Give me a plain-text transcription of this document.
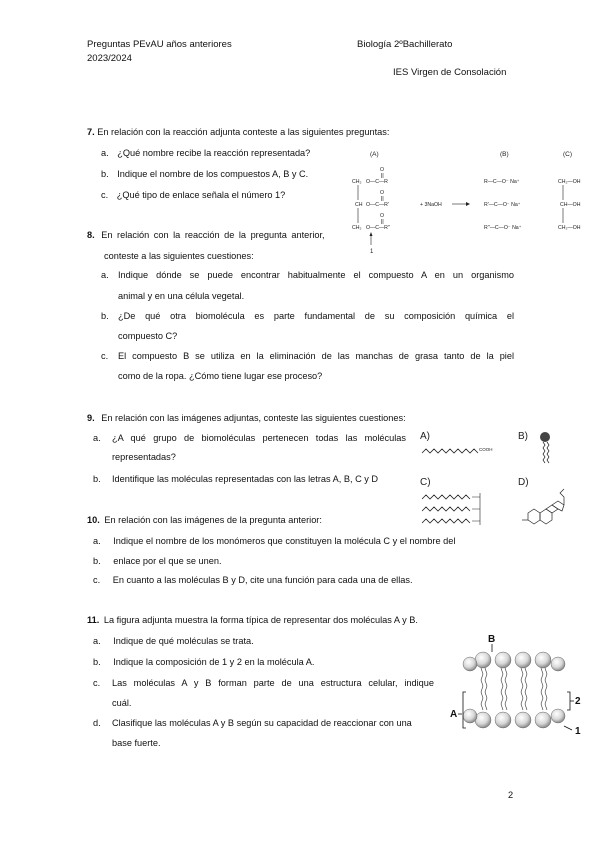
Preguntas PEvAU años anteriores
2023/2024
Biología 2ºBachillerato
IES Virgen de Consolación
7. En relación con la reacción adjunta conteste a las siguientes preguntas:
a. ¿Qué nombre recibe la reacción representada?
b. Indique el nombre de los compuestos A, B y C.
c. ¿Qué tipo de enlace señala el número 1?
(A)	(B)	(C)
CH₂ O—C—R
O
CH O—C—R'
O
CH₂ O—C—R''
O
1
+ 3NaOH
R—C—O⁻ Na⁺
R'—C—O⁻ Na⁺
R''—C—O⁻ Na⁺
CH₂—OH
CH—OH
CH₂—OH
8. En relación con la reacción de la pregunta anterior,
conteste a las siguientes cuestiones:
a. Indique dónde se puede encontrar habitualmente el compuesto A en un organismo
animal y en una célula vegetal.
b. ¿De qué otra biomolécula es parte fundamental de su composición química el
compuesto C?
c. El compuesto B se utiliza en la eliminación de las manchas de grasa tanto de la piel
como de la ropa. ¿Cómo tiene lugar ese proceso?
9. En relación con las imágenes adjuntas, conteste las siguientes cuestiones:
a. ¿A qué grupo de biomoléculas pertenecen todas las moléculas
representadas?
b. Identifique las moléculas representadas con las letras A, B, C y D
A)
COOH
B)
C)	D)
10. En relación con las imágenes de la pregunta anterior:
a. Indique el nombre de los monómeros que constituyen la molécula C y el nombre del
b. enlace por el que se unen.
c. En cuanto a las moléculas B y D, cite una función para cada una de ellas.
11. La figura adjunta muestra la forma típica de representar dos moléculas A y B.
a. Indique de qué moléculas se trata.
b. Indique la composición de 1 y 2 en la molécula A.
c. Las moléculas A y B forman parte de una estructura celular, indique
cuál.
d. Clasifique las moléculas A y B según su capacidad de reaccionar con una
base fuerte.
B
A
2
1
2
